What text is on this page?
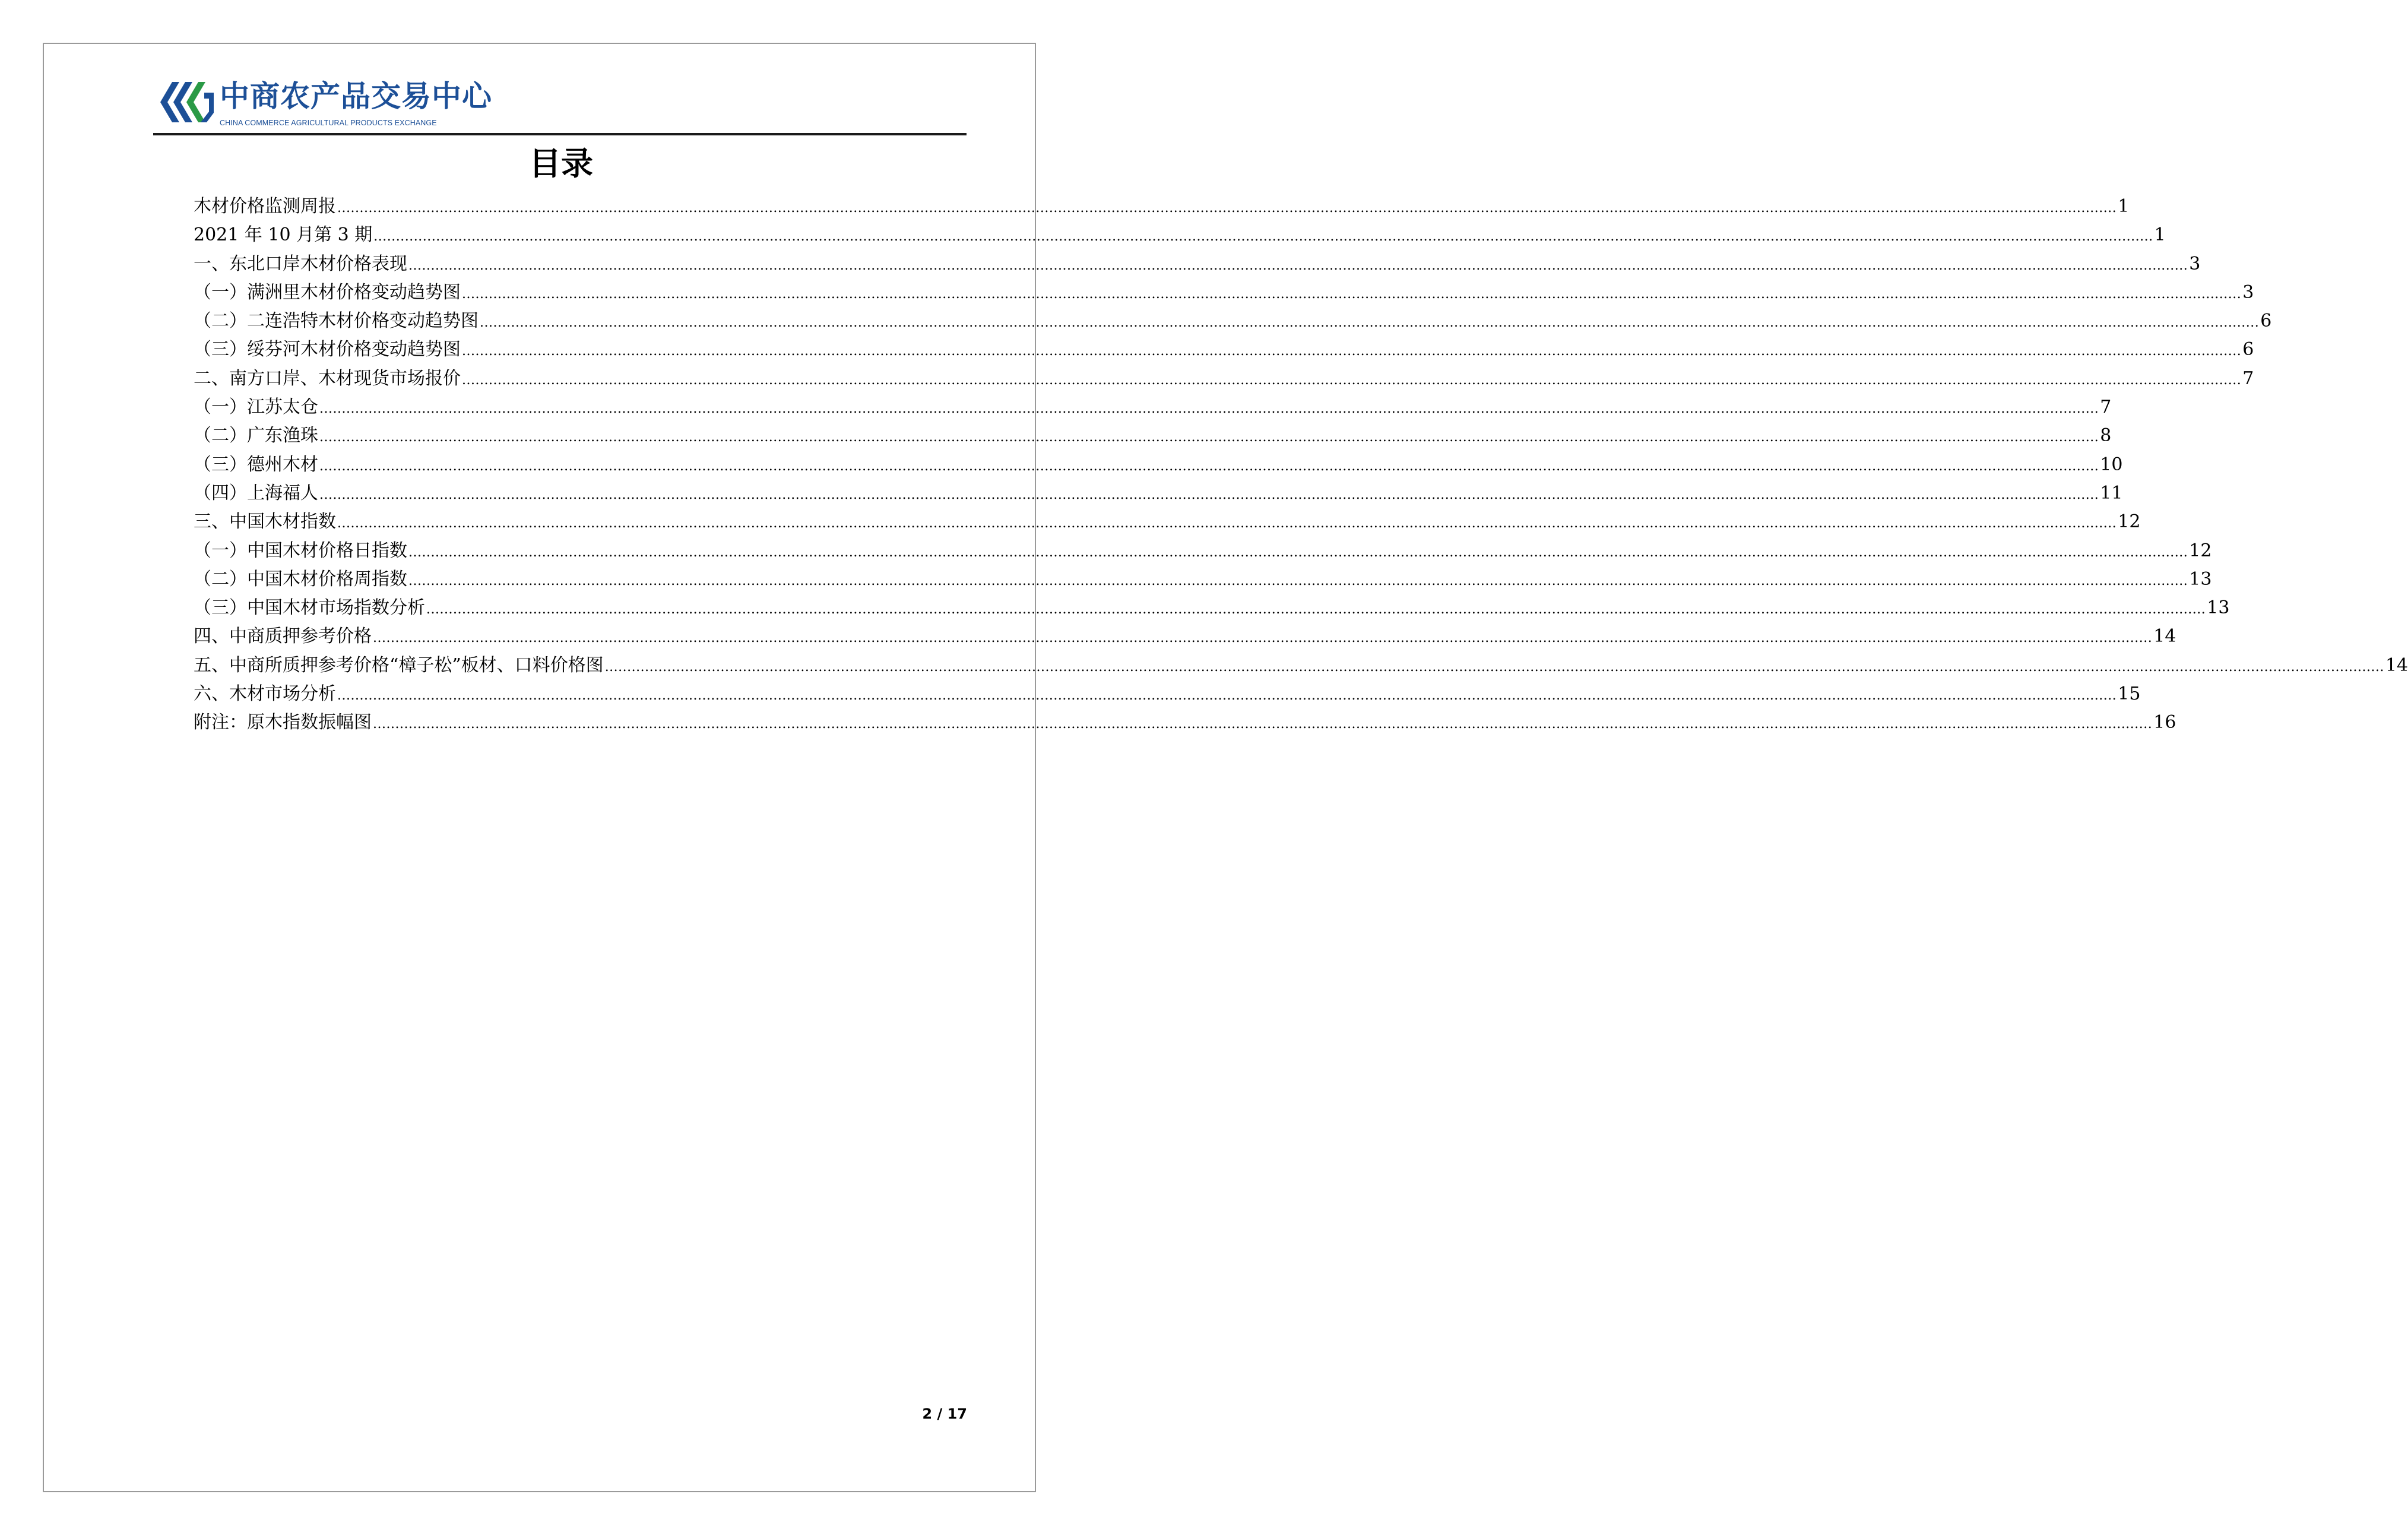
中商农产品交易中心
CHINA COMMERCE AGRICULTURAL PRODUCTS EXCHANGE
目录
木材价格监测周报 ................................................................................................................................................................................................................................................................................................................................................................................................................ 1
2021 年 10 月第 3 期 ................................................................................................................................................................................................................................................................................................................................................................................................................ 1
一、东北口岸木材价格表现 ................................................................................................................................................................................................................................................................................................................................................................................................................ 3
（一）满洲里木材价格变动趋势图 ................................................................................................................................................................................................................................................................................................................................................................................................................ 3
（二）二连浩特木材价格变动趋势图 ................................................................................................................................................................................................................................................................................................................................................................................................................ 6
（三）绥芬河木材价格变动趋势图 ................................................................................................................................................................................................................................................................................................................................................................................................................ 6
二、南方口岸、木材现货市场报价 ................................................................................................................................................................................................................................................................................................................................................................................................................ 7
（一）江苏太仓 ................................................................................................................................................................................................................................................................................................................................................................................................................ 7
（二）广东渔珠 ................................................................................................................................................................................................................................................................................................................................................................................................................ 8
（三）德州木材 ................................................................................................................................................................................................................................................................................................................................................................................................................ 10
（四）上海福人 ................................................................................................................................................................................................................................................................................................................................................................................................................ 11
三、中国木材指数 ................................................................................................................................................................................................................................................................................................................................................................................................................ 12
（一）中国木材价格日指数 ................................................................................................................................................................................................................................................................................................................................................................................................................ 12
（二）中国木材价格周指数 ................................................................................................................................................................................................................................................................................................................................................................................................................ 13
（三）中国木材市场指数分析 ................................................................................................................................................................................................................................................................................................................................................................................................................ 13
四、中商质押参考价格 ................................................................................................................................................................................................................................................................................................................................................................................................................ 14
五、中商所质押参考价格“樟子松”板材、口料价格图 ................................................................................................................................................................................................................................................................................................................................................................................................................ 14
六、木材市场分析 ................................................................................................................................................................................................................................................................................................................................................................................................................ 15
附注：原木指数振幅图 ................................................................................................................................................................................................................................................................................................................................................................................................................ 16
2 / 17
